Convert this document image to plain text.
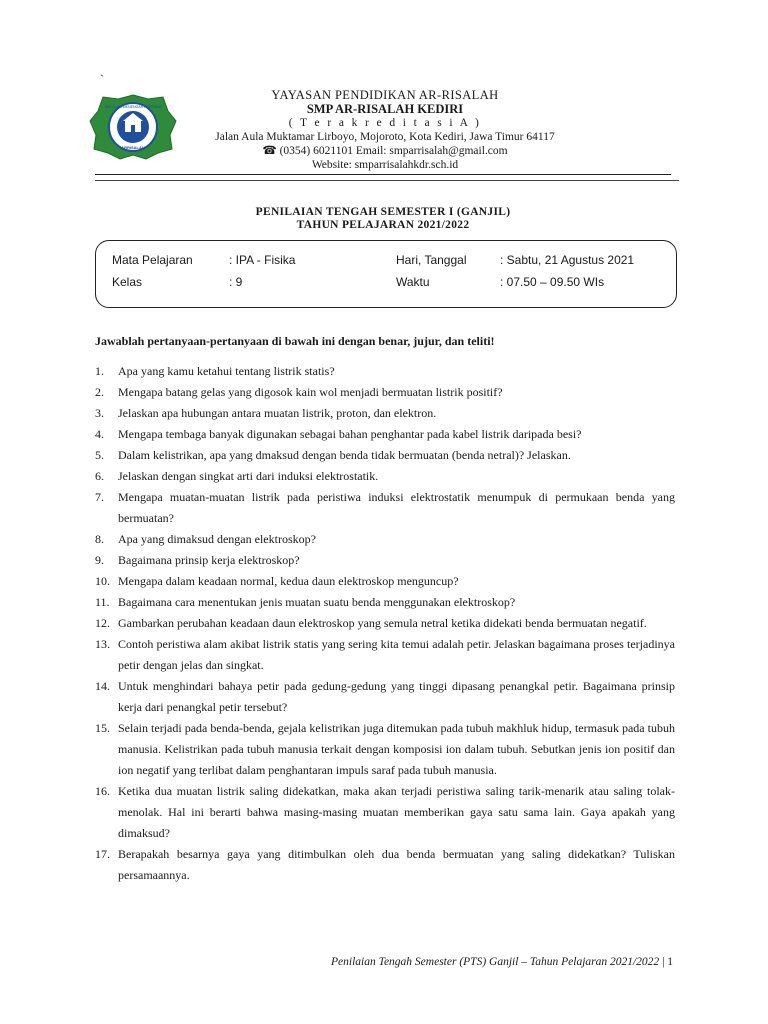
`
SEKOLAH MENENGAH PERTAMA
ARRISALAH
YAYASAN PENDIDIKAN AR-RISALAH
SMP AR-RISALAH KEDIRI
( T e r a k r e d i t a s i A )
Jalan Aula Muktamar Lirboyo, Mojoroto, Kota Kediri, Jawa Timur 64117
☎ (0354) 6021101 Email: smparrisalah@gmail.com
Website: smparrisalahkdr.sch.id
PENILAIAN TENGAH SEMESTER I (GANJIL)
TAHUN PELAJARAN 2021/2022
Mata Pelajaran	: IPA - Fisika	Hari, Tanggal	: Sabtu, 21 Agustus 2021
Kelas	: 9	Waktu	: 07.50 – 09.50 WIs
Jawablah pertanyaan-pertanyaan di bawah ini dengan benar, jujur, dan teliti!
1.	Apa yang kamu ketahui tentang listrik statis?
2.	Mengapa batang gelas yang digosok kain wol menjadi bermuatan listrik positif?
3.	Jelaskan apa hubungan antara muatan listrik, proton, dan elektron.
4.	Mengapa tembaga banyak digunakan sebagai bahan penghantar pada kabel listrik daripada besi?
5.	Dalam kelistrikan, apa yang dmaksud dengan benda tidak bermuatan (benda netral)? Jelaskan.
6.	Jelaskan dengan singkat arti dari induksi elektrostatik.
7.	Mengapa muatan-muatan listrik pada peristiwa induksi elektrostatik menumpuk di permukaan benda yang bermuatan?
8.	Apa yang dimaksud dengan elektroskop?
9.	Bagaimana prinsip kerja elektroskop?
10. Mengapa dalam keadaan normal, kedua daun elektroskop menguncup?
11. Bagaimana cara menentukan jenis muatan suatu benda menggunakan elektroskop?
12. Gambarkan perubahan keadaan daun elektroskop yang semula netral ketika didekati benda bermuatan negatif.
13. Contoh peristiwa alam akibat listrik statis yang sering kita temui adalah petir. Jelaskan bagaimana proses terjadinya petir dengan jelas dan singkat.
14. Untuk menghindari bahaya petir pada gedung-gedung yang tinggi dipasang penangkal petir. Bagaimana prinsip kerja dari penangkal petir tersebut?
15. Selain terjadi pada benda-benda, gejala kelistrikan juga ditemukan pada tubuh makhluk hidup, termasuk pada tubuh manusia. Kelistrikan pada tubuh manusia terkait dengan komposisi ion dalam tubuh. Sebutkan jenis ion positif dan ion negatif yang terlibat dalam penghantaran impuls saraf pada tubuh manusia.
16. Ketika dua muatan listrik saling didekatkan, maka akan terjadi peristiwa saling tarik-menarik atau saling tolak-menolak. Hal ini berarti bahwa masing-masing muatan memberikan gaya satu sama lain. Gaya apakah yang dimaksud?
17. Berapakah besarnya gaya yang ditimbulkan oleh dua benda bermuatan yang saling didekatkan? Tuliskan persamaannya.
Penilaian Tengah Semester (PTS) Ganjil – Tahun Pelajaran 2021/2022 | 1
